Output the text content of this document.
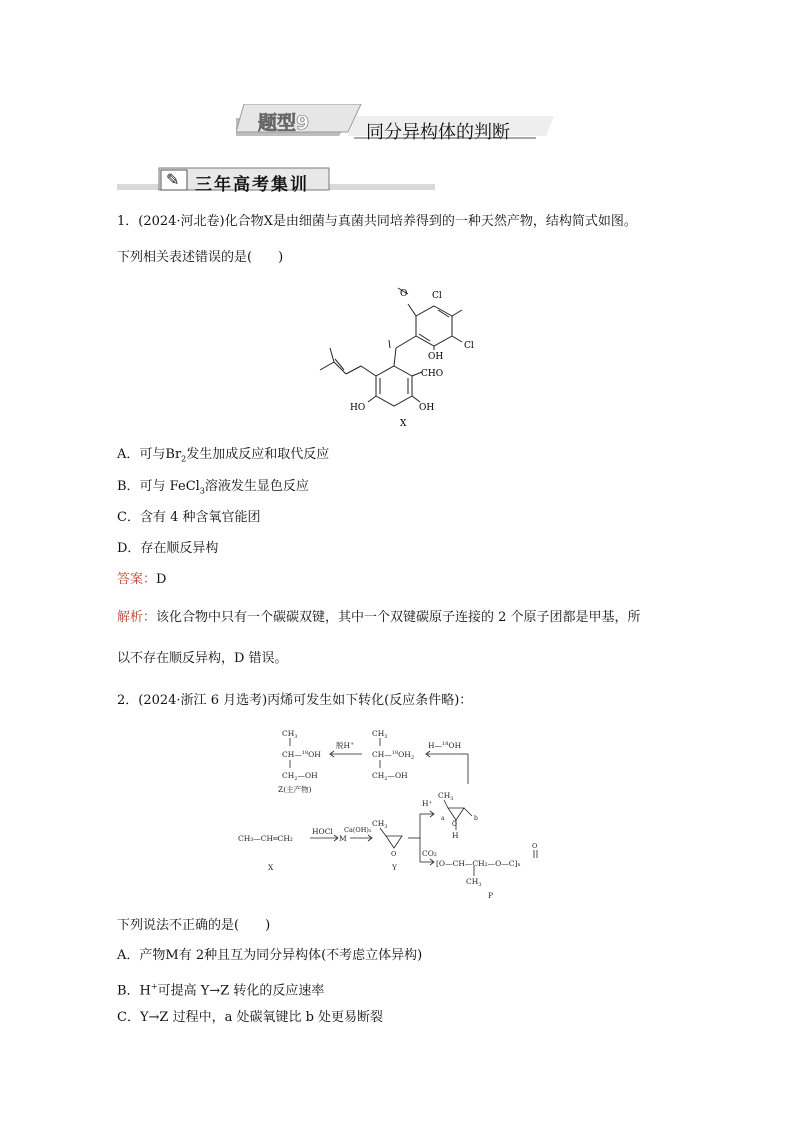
题型9	同分异构体的判断
✎ 三年高考集训
1．(2024·河北卷)化合物X是由细菌与真菌共同培养得到的一种天然产物，结构简式如图。
下列相关表述错误的是(　　)
O	Cl
Cl
OH
CHO
HO	OH
X
A．可与$Br_2$发生加成反应和取代反应
B．可与 FeCl$_3$溶液发生显色反应
C．含有 4 种含氧官能团
D．存在顺反异构
答案：D
解析：该化合物中只有一个碳碳双键，其中一个双键碳原子连接的 2 个原子团都是甲基，所
以不存在顺反异构，D 错误。
2．(2024·浙江 6 月选考)丙烯可发生如下转化(反应条件略)：
$CH_3$
CH—$^{18}$OH
$CH_2—OH$
Z(主产物)
脱H+
$CH_3$
$CH—^{18}OH_2$
$CH_2—OH$
H—$^{18}$OH
CH₃—CH═CH₂
HOCl
M
Ca(OH)₂
$CH_3$
O
X	Y
H⁺
$CH_3$
a	b
Ö
H
CO₂
[O—CH—CH₂—O—C]ₙ
O
$CH_3$
P
下列说法不正确的是(　　)
A．产物M有 2种且互为同分异构体(不考虑立体异构)
B．H+可提高 Y→Z 转化的反应速率
C．Y→Z 过程中，a 处碳氧键比 b 处更易断裂
